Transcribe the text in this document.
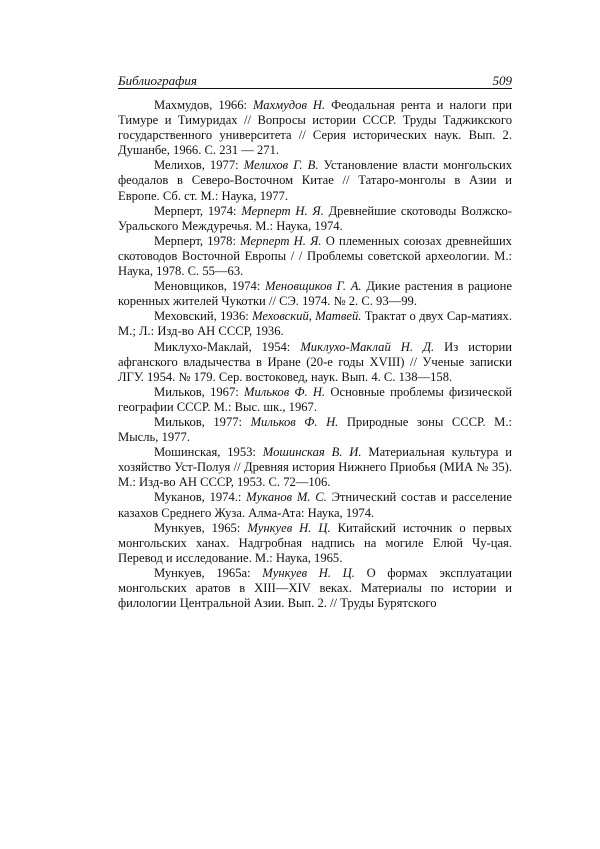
Библиография	509

Махмудов, 1966: Махмудов Н. Феодальная рента и налоги при Тимуре и Тимуридах // Вопросы истории СССР. Труды Таджикского государственного университета // Серия исторических наук. Вып. 2. Душанбе, 1966. С. 231 — 271.

Мелихов, 1977: Мелихов Г. В. Установление власти монгольских феодалов в Северо-Восточном Китае // Татаро-монголы в Азии и Европе. Сб. ст. М.: Наука, 1977.

Мерперт, 1974: Мерперт Н. Я. Древнейшие скотоводы Волжско-Уральского Междуречья. М.: Наука, 1974.

Мерперт, 1978: Мерперт Н. Я. О племенных союзах древнейших скотоводов Восточной Европы / / Проблемы советской археологии. М.: Наука, 1978. С. 55—63.

Меновщиков, 1974: Меновщиков Г. А. Дикие растения в рационе коренных жителей Чукотки // СЭ. 1974. № 2. С. 93—99.

Меховский, 1936: Меховский, Матвей. Трактат о двух Сар-матиях. М.; Л.: Изд-во АН СССР, 1936.

Миклухо-Маклай, 1954: Миклухо-Маклай Н. Д. Из истории афганского владычества в Иране (20-е годы XVIII) // Ученые записки ЛГУ. 1954. № 179. Сер. востоковед, наук. Вып. 4. С. 138—158.

Мильков, 1967: Мильков Ф. Н. Основные проблемы физической географии СССР. М.: Выс. шк., 1967.

Мильков, 1977: Мильков Ф. Н. Природные зоны СССР. М.: Мысль, 1977.

Мошинская, 1953: Мошинская В. И. Материальная культура и хозяйство Уст-Полуя // Древняя история Нижнего Приобья (МИА № 35). М.: Изд-во АН СССР, 1953. С. 72—106.

Муканов, 1974.: Муканов М. С. Этнический состав и расселение казахов Среднего Жуза. Алма-Ата: Наука, 1974.

Мункуев, 1965: Мункуев Н. Ц. Китайский источник о первых монгольских ханах. Надгробная надпись на могиле Елюй Чу-цая. Перевод и исследование. М.: Наука, 1965.

Мункуев, 1965а: Мункуев Н. Ц. О формах эксплуатации монгольских аратов в XIII—XIV веках. Материалы по истории и филологии Центральной Азии. Вып. 2. // Труды Бурятского
